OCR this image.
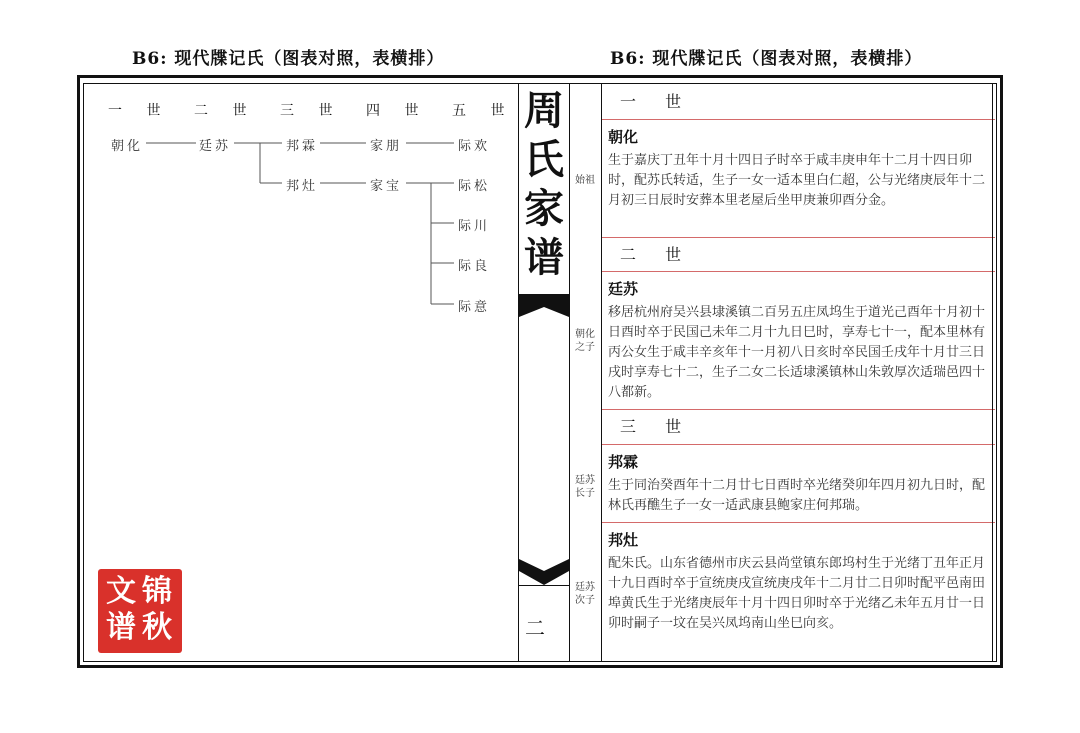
B6: 现代牒记氏（图表对照，表横排）	B6: 现代牒记氏（图表对照，表横排）
一 世 二 世 三 世 四 世 五 世
朝化	廷苏	邦霖
邦灶
家朋
家宝
际欢
际松
际川
际良
际意
锦
秋
文
谱
周
氏
家
谱
二
始祖
朝化之子
廷苏长子
廷苏次子
一 世
朝化
生于嘉庆丁丑年十月十四日子时卒于咸丰庚申年十二月十四日卯时，配苏氏转适，生子一女一适本里白仁超，公与光绪庚辰年十二月初三日辰时安葬本里老屋后坐甲庚兼卯酉分金。
二 世
廷苏
移居杭州府吴兴县埭溪镇二百另五庄凤坞生于道光己酉年十月初十日酉时卒于民国己未年二月十九日巳时，享寿七十一，配本里林有丙公女生于咸丰辛亥年十一月初八日亥时卒民国壬戌年十月廿三日戌时享寿七十二，生子二女二长适埭溪镇林山朱敦厚次适瑞邑四十八都新。
三 世
邦霖
生于同治癸酉年十二月廿七日酉时卒光绪癸卯年四月初九日时，配林氏再醮生子一女一适武康县鲍家庄何邦瑞。
邦灶
配朱氏。山东省德州市庆云县尚堂镇东郎坞村生于光绪丁丑年正月十九日酉时卒于宣统庚戌宣统庚戌年十二月廿二日卯时配平邑南田埠黄氏生于光绪庚辰年十月十四日卯时卒于光绪乙未年五月廿一日卯时嗣子一坟在吴兴凤坞南山坐巳向亥。
